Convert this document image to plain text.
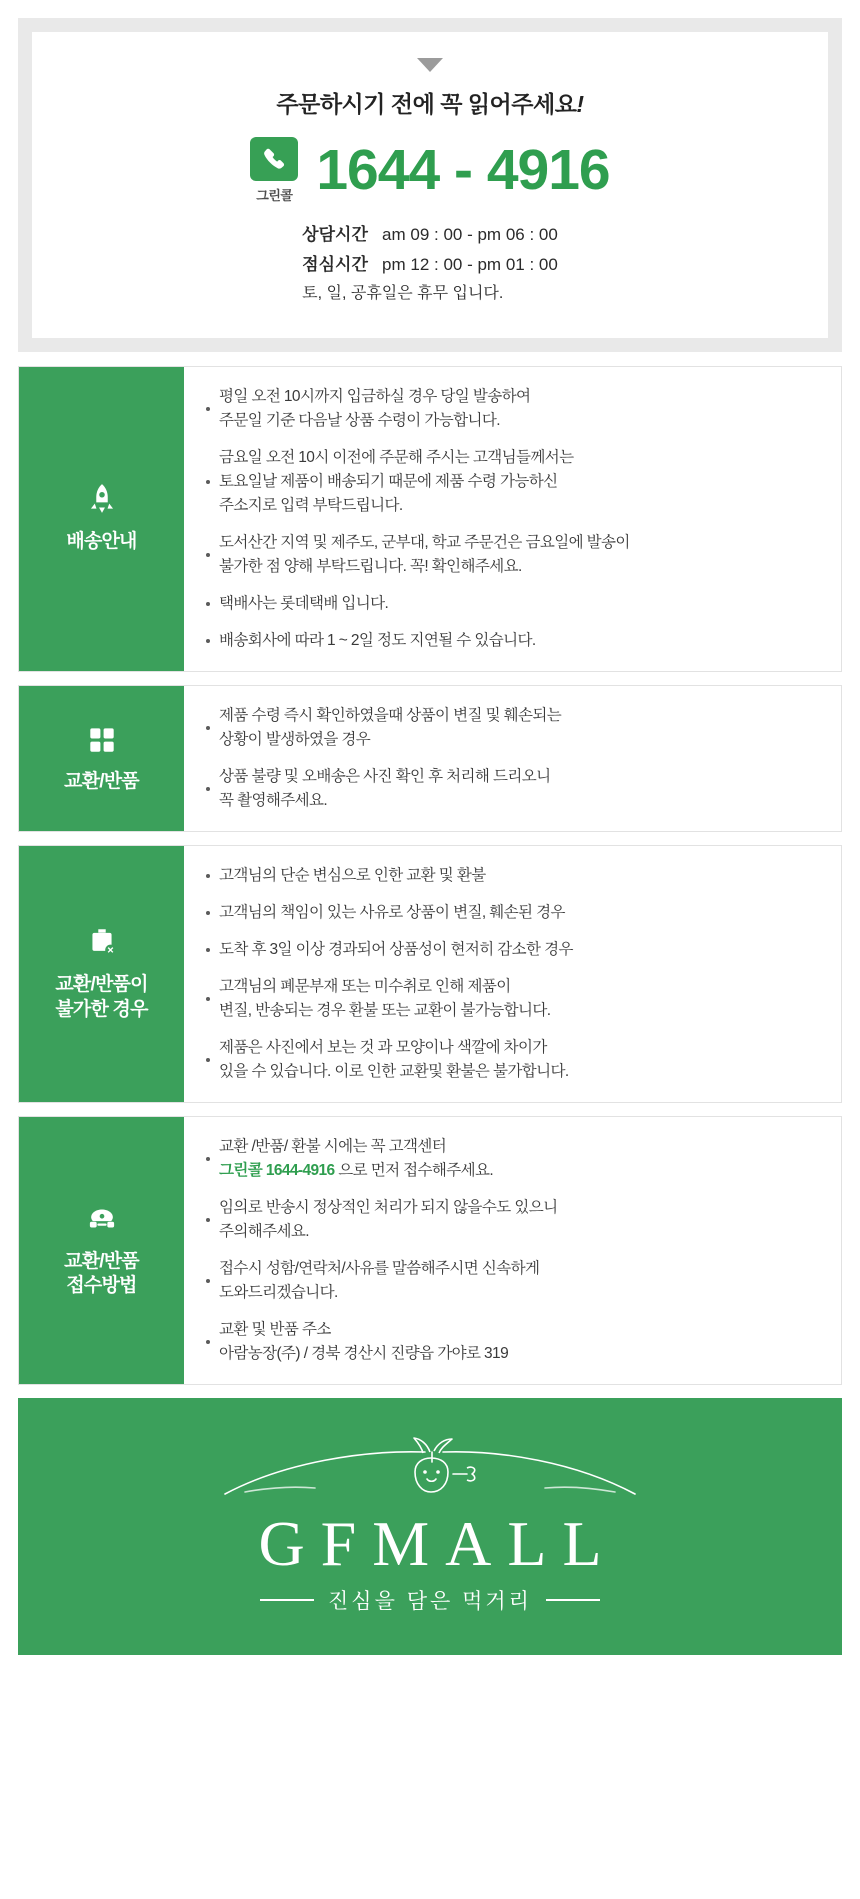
주문하시기 전에 꼭 읽어주세요!
그린콜 1644 - 4916
상담시간 am 09 : 00 - pm 06 : 00
점심시간 pm 12 : 00 - pm 01 : 00
토, 일, 공휴일은 휴무 입니다.
배송안내
평일 오전 10시까지 입금하실 경우 당일 발송하여
주문일 기준 다음날 상품 수령이 가능합니다.
금요일 오전 10시 이전에 주문해 주시는 고객님들께서는
토요일날 제품이 배송되기 때문에 제품 수령 가능하신
주소지로 입력 부탁드립니다.
도서산간 지역 및 제주도, 군부대, 학교 주문건은 금요일에 발송이
불가한 점 양해 부탁드립니다. 꼭! 확인해주세요.
택배사는 롯데택배 입니다.
배송회사에 따라 1 ~ 2일 정도 지연될 수 있습니다.
교환/반품
제품 수령 즉시 확인하였을때 상품이 변질 및 훼손되는
상황이 발생하였을 경우
상품 불량 및 오배송은 사진 확인 후 처리해 드리오니
꼭 촬영해주세요.
교환/반품이
불가한 경우
고객님의 단순 변심으로 인한 교환 및 환불
고객님의 책임이 있는 사유로 상품이 변질, 훼손된 경우
도착 후 3일 이상 경과되어 상품성이 현저히 감소한 경우
고객님의 폐문부재 또는 미수취로 인해 제품이
변질, 반송되는 경우 환불 또는 교환이 불가능합니다.
제품은 사진에서 보는 것 과 모양이나 색깔에 차이가
있을 수 있습니다. 이로 인한 교환및 환불은 불가합니다.
교환/반품
접수방법
교환 /반품/ 환불 시에는 꼭 고객센터
그린콜 1644-4916 으로 먼저 접수해주세요.
임의로 반송시 정상적인 처리가 되지 않을수도 있으니
주의해주세요.
접수시 성함/연락처/사유를 말씀해주시면 신속하게
도와드리겠습니다.
교환 및 반품 주소
아람농장(주) / 경북 경산시 진량읍 가야로 319
GFMALL
진심을 담은 먹거리
